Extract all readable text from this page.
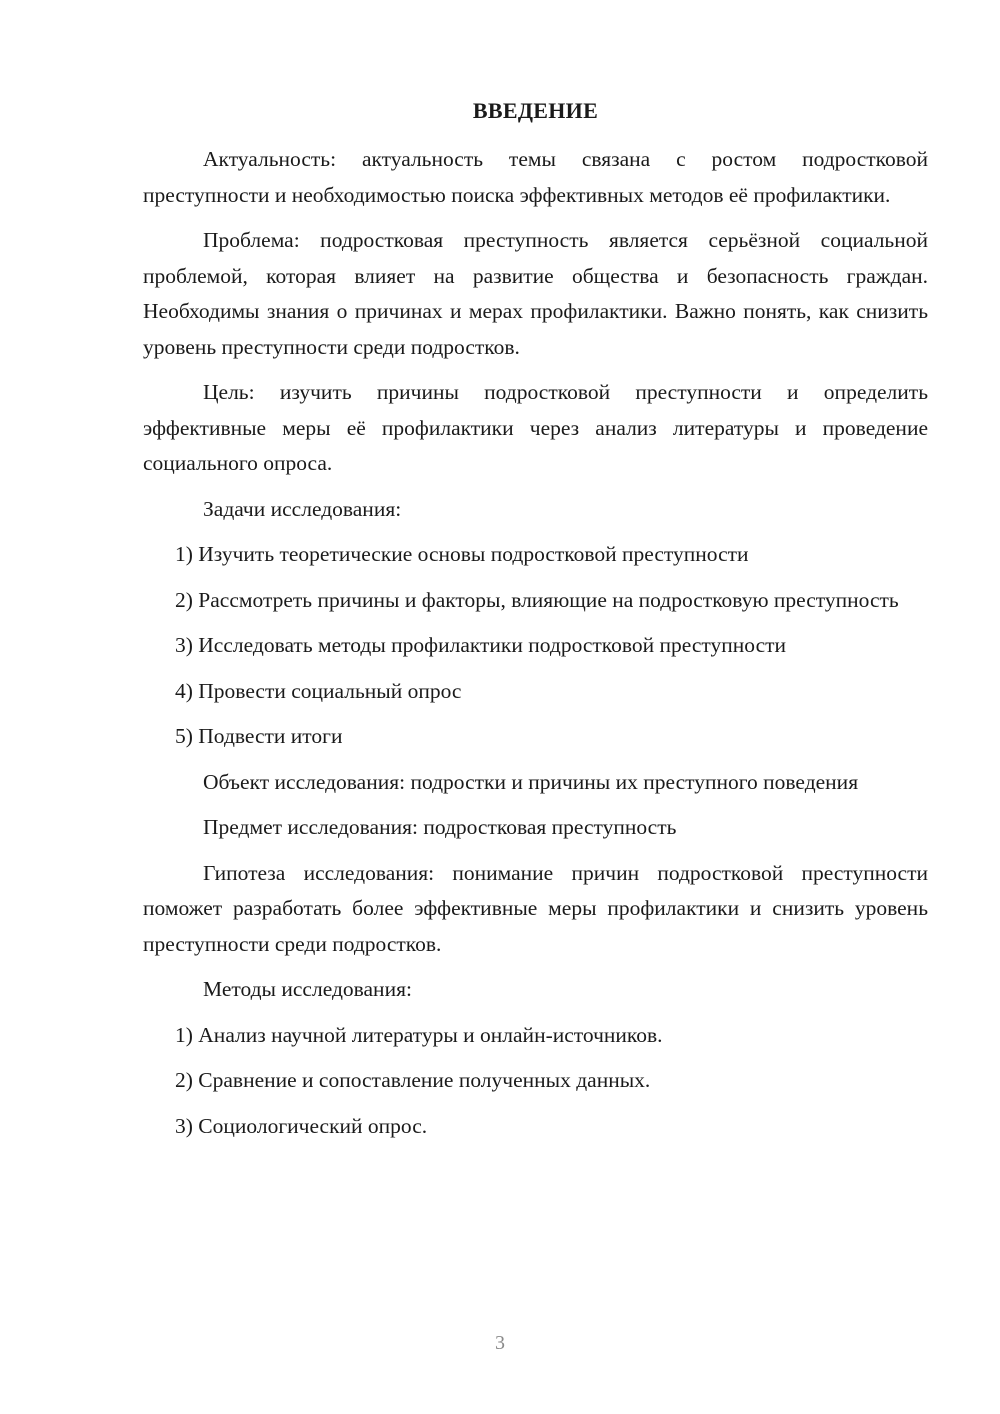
ВВЕДЕНИЕ

Актуальность: актуальность темы связана с ростом подростковой преступности и необходимостью поиска эффективных методов её профилактики.

Проблема: подростковая преступность является серьёзной социальной проблемой, которая влияет на развитие общества и безопасность граждан. Необходимы знания о причинах и мерах профилактики. Важно понять, как снизить уровень преступности среди подростков.

Цель: изучить причины подростковой преступности и определить эффективные меры её профилактики через анализ литературы и проведение социального опроса.

Задачи исследования:

1) Изучить теоретические основы подростковой преступности

2) Рассмотреть причины и факторы, влияющие на подростковую преступность

3) Исследовать методы профилактики подростковой преступности

4) Провести социальный опрос

5) Подвести итоги

Объект исследования: подростки и причины их преступного поведения

Предмет исследования: подростковая преступность

Гипотеза исследования: понимание причин подростковой преступности поможет разработать более эффективные меры профилактики и снизить уровень преступности среди подростков.

Методы исследования:

1) Анализ научной литературы и онлайн-источников.

2) Сравнение и сопоставление полученных данных.

3) Социологический опрос.

3
